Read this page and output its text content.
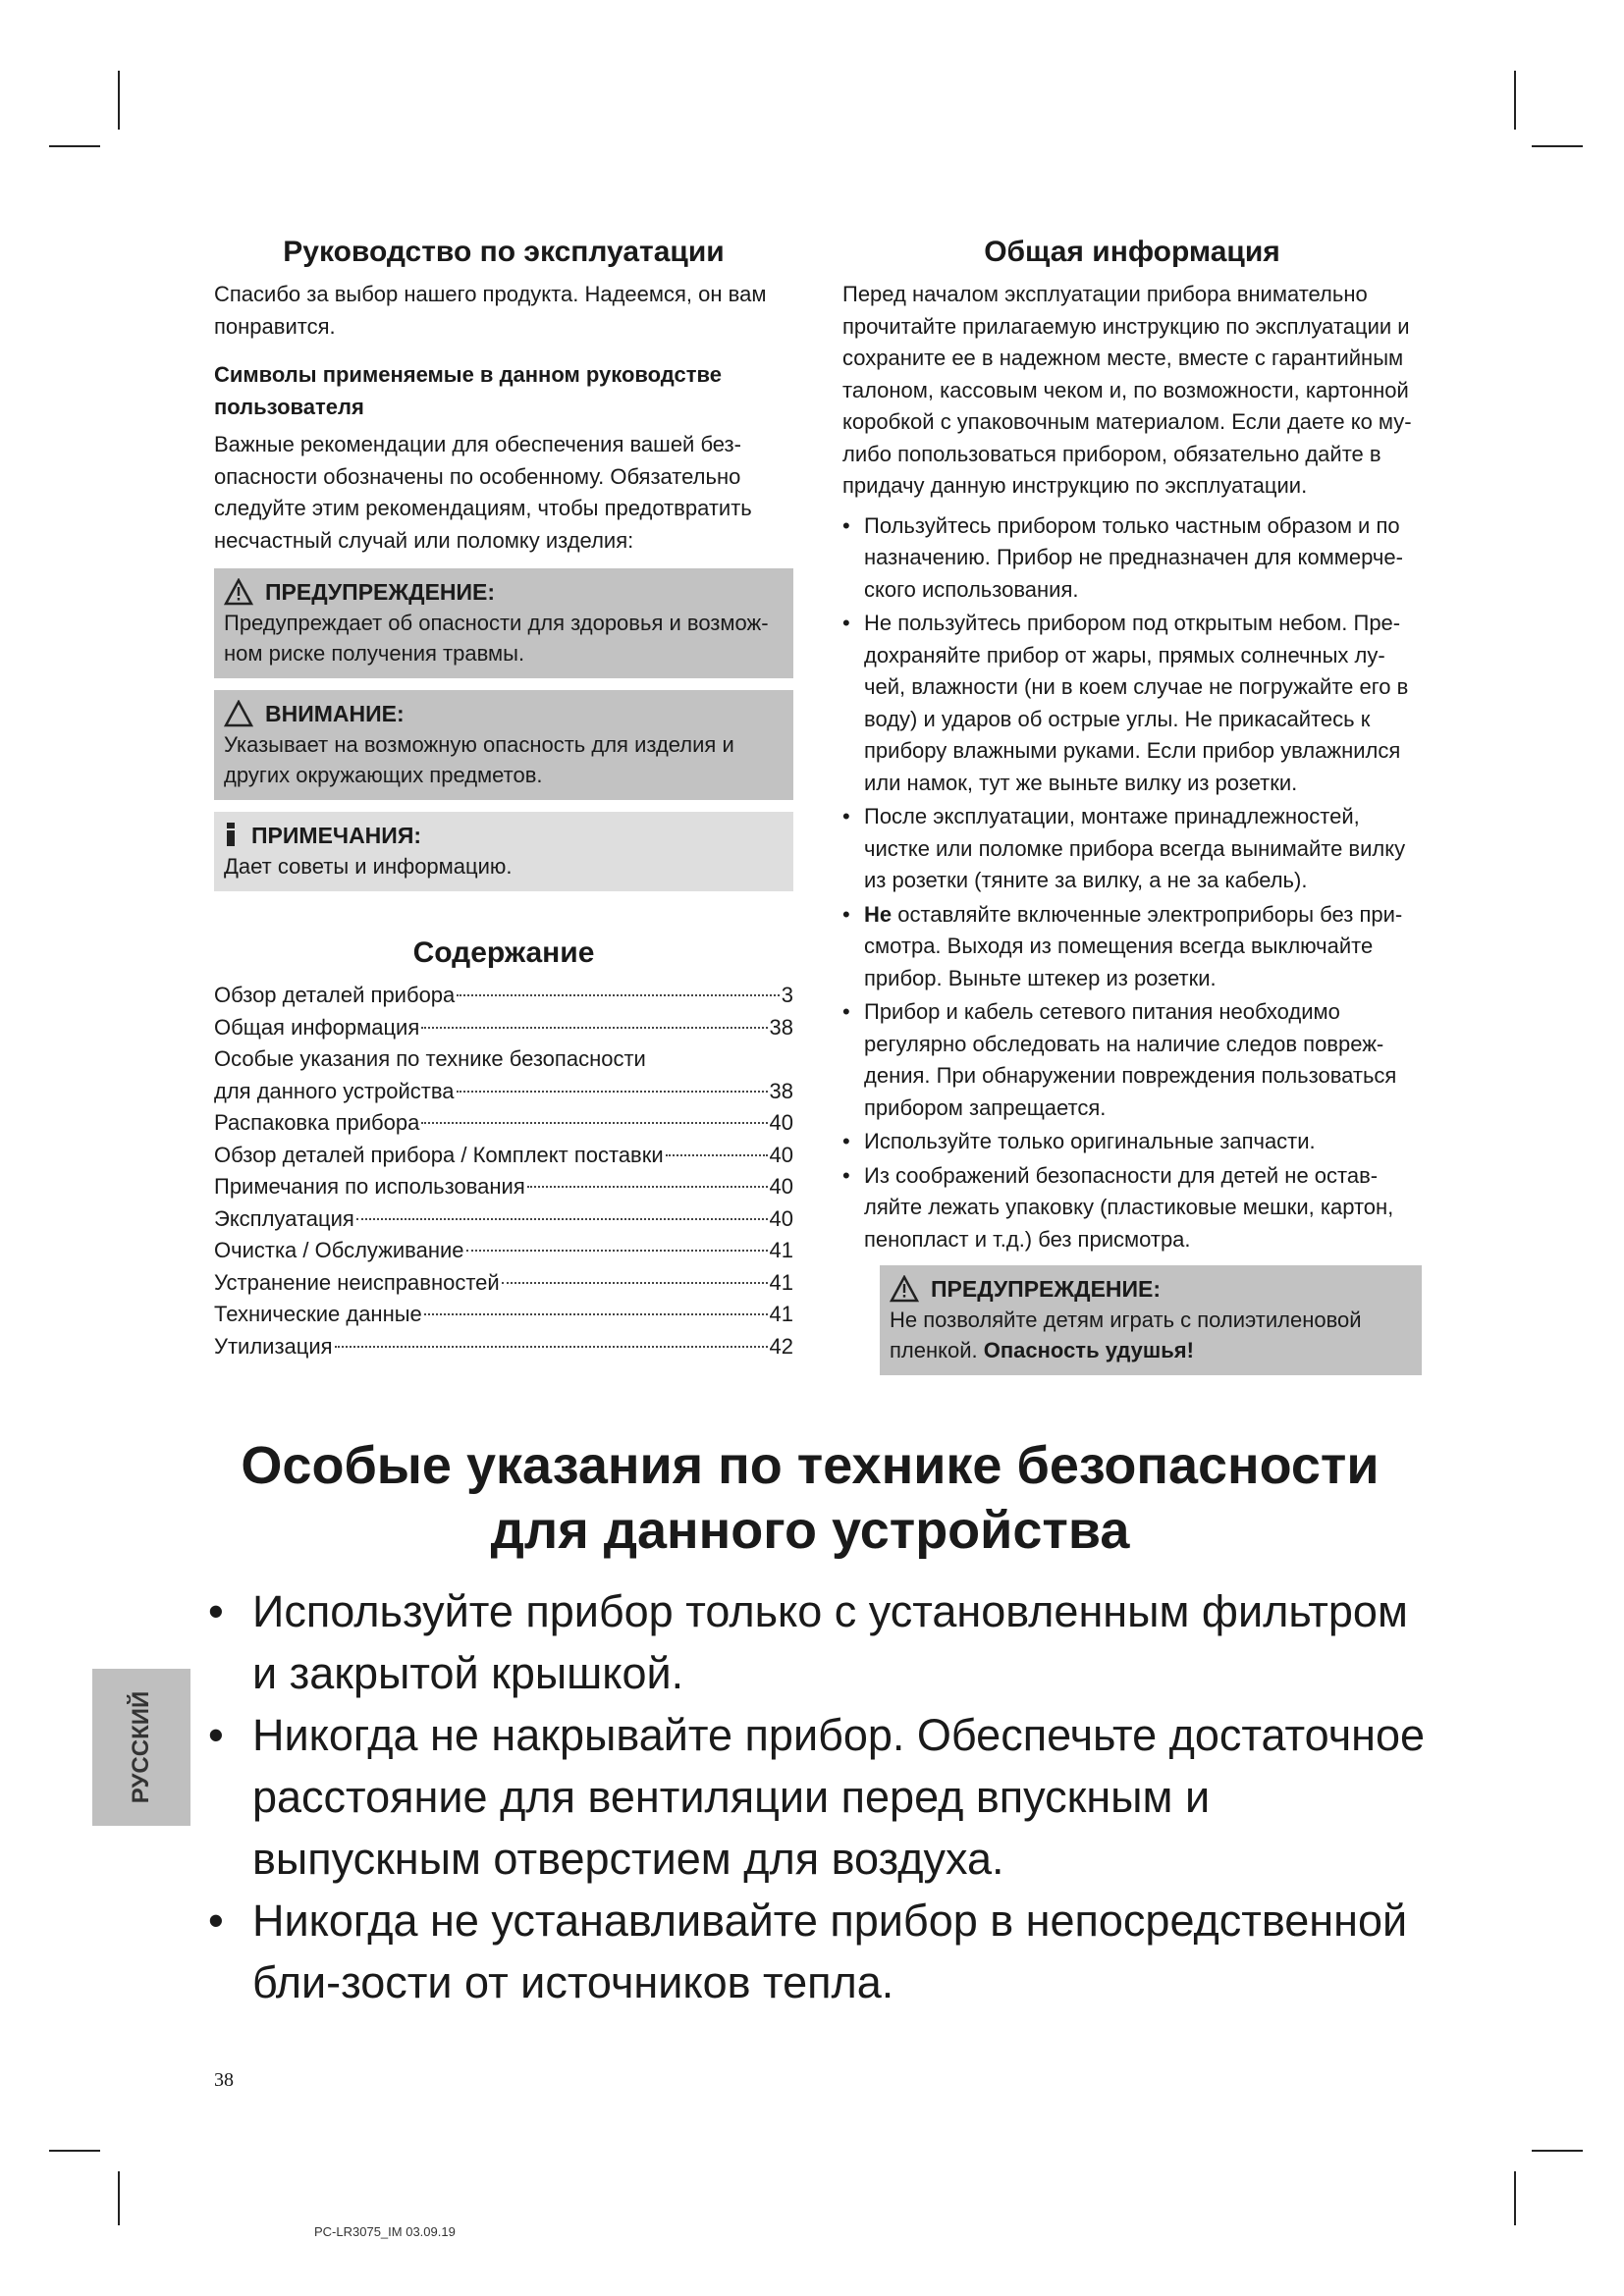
Руководство по эксплуатации

Спасибо за выбор нашего продукта. Надеемся, он вам понравится.

Символы применяемые в данном руководстве пользователя

Важные рекомендации для обеспечения вашей без-опасности обозначены по особенному. Обязательно следуйте этим рекомендациям, чтобы предотвратить несчастный случай или поломку изделия:

ПРЕДУПРЕЖДЕНИЕ:
Предупреждает об опасности для здоровья и возмож-ном риске получения травмы.
ВНИМАНИЕ:
Указывает на возможную опасность для изделия и других окружающих предметов.
ПРИМЕЧАНИЯ:
Дает советы и информацию.
Содержание
Обзор деталей прибора	3
Общая информация	38
Особые указания по технике безопасности
для данного устройства	38
Распаковка прибора	40
Обзор деталей прибора / Комплект поставки	40
Примечания по использования	40
Эксплуатация	40
Очистка / Обслуживание	41
Устранение неисправностей	41
Технические данные	41
Утилизация	42
Общая информация

Перед началом эксплуатации прибора внимательно прочитайте прилагаемую инструкцию по эксплуатации и сохраните ее в надежном месте, вместе с гарантийным талоном, кассовым чеком и, по возможности, картонной коробкой с упаковочным материалом. Если даете ко му-либо попользоваться прибором, обязательно дайте в придачу данную инструкцию по эксплуатации.

• Пользуйтесь прибором только частным образом и по назначению. Прибор не предназначен для коммерче-ского использования.
• Не пользуйтесь прибором под открытым небом. Пре-дохраняйте прибор от жары, прямых солнечных лу-чей, влажности (ни в коем случае не погружайте его в воду) и ударов об острые углы. Не прикасайтесь к прибору влажными руками. Если прибор увлажнился или намок, тут же выньте вилку из розетки.
• После эксплуатации, монтаже принадлежностей, чистке или поломке прибора всегда вынимайте вилку из розетки (тяните за вилку, а не за кабель).
• Не оставляйте включенные электроприборы без при-смотра. Выходя из помещения всегда выключайте прибор. Выньте штекер из розетки.
• Прибор и кабель сетевого питания необходимо регулярно обследовать на наличие следов повреж-дения. При обнаружении повреждения пользоваться прибором запрещается.
• Используйте только оригинальные запчасти.
• Из соображений безопасности для детей не остав-ляйте лежать упаковку (пластиковые мешки, картон, пенопласт и т.д.) без присмотра.
ПРЕДУПРЕЖДЕНИЕ:
Не позволяйте детям играть с полиэтиленовой пленкой. Опасность удушья!
Особые указания по технике безопасности
для данного устройства
• Используйте прибор только с установленным фильтром и закрытой крышкой.
• Никогда не накрывайте прибор. Обеспечьте достаточное расстояние для вентиляции перед впускным и выпускным отверстием для воздуха.
• Никогда не устанавливайте прибор в непосредственной бли-зости от источников тепла.
РУССКИЙ
38
PC-LR3075_IM 03.09.19
